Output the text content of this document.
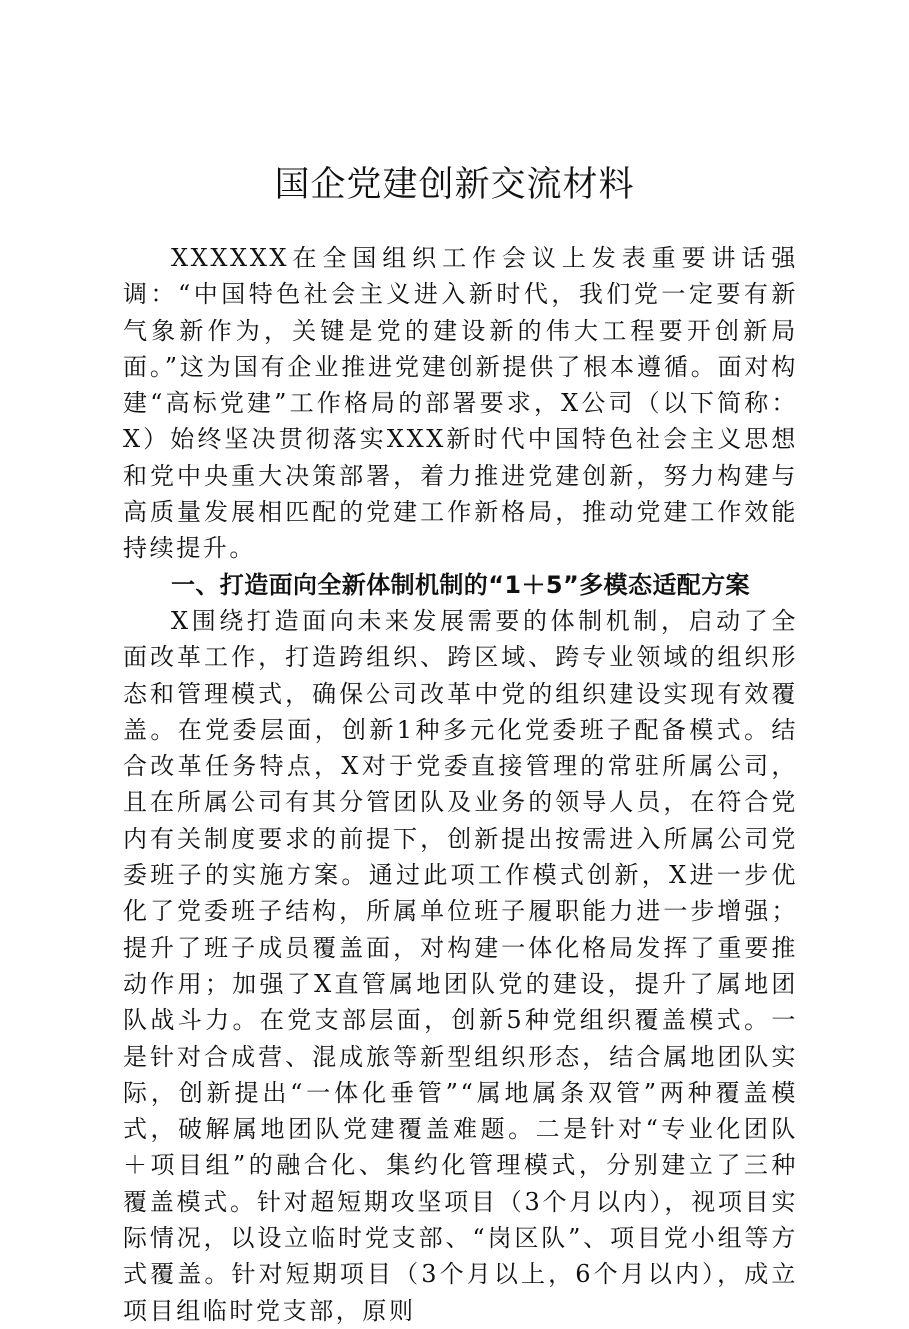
国企党建创新交流材料

XXXXXX在全国组织工作会议上发表重要讲话强调：“中国特色社会主义进入新时代，我们党一定要有新气象新作为，关键是党的建设新的伟大工程要开创新局面。”这为国有企业推进党建创新提供了根本遵循。面对构建“高标党建”工作格局的部署要求，X公司（以下简称：X）始终坚决贯彻落实XXX新时代中国特色社会主义思想和党中央重大决策部署，着力推进党建创新，努力构建与高质量发展相匹配的党建工作新格局，推动党建工作效能持续提升。

一、打造面向全新体制机制的“1＋5”多模态适配方案

X围绕打造面向未来发展需要的体制机制，启动了全面改革工作，打造跨组织、跨区域、跨专业领域的组织形态和管理模式，确保公司改革中党的组织建设实现有效覆盖。在党委层面，创新1种多元化党委班子配备模式。结合改革任务特点，X对于党委直接管理的常驻所属公司，且在所属公司有其分管团队及业务的领导人员，在符合党内有关制度要求的前提下，创新提出按需进入所属公司党委班子的实施方案。通过此项工作模式创新，X进一步优化了党委班子结构，所属单位班子履职能力进一步增强；提升了班子成员覆盖面，对构建一体化格局发挥了重要推动作用；加强了X直管属地团队党的建设，提升了属地团队战斗力。在党支部层面，创新5种党组织覆盖模式。一是针对合成营、混成旅等新型组织形态，结合属地团队实际，创新提出“一体化垂管”“属地属条双管”两种覆盖模式，破解属地团队党建覆盖难题。二是针对“专业化团队＋项目组”的融合化、集约化管理模式，分别建立了三种覆盖模式。针对超短期攻坚项目（3个月以内），视项目实际情况，以设立临时党支部、“岗区队”、项目党小组等方式覆盖。针对短期项目（3个月以上，6个月以内），成立项目组临时党支部，原则
